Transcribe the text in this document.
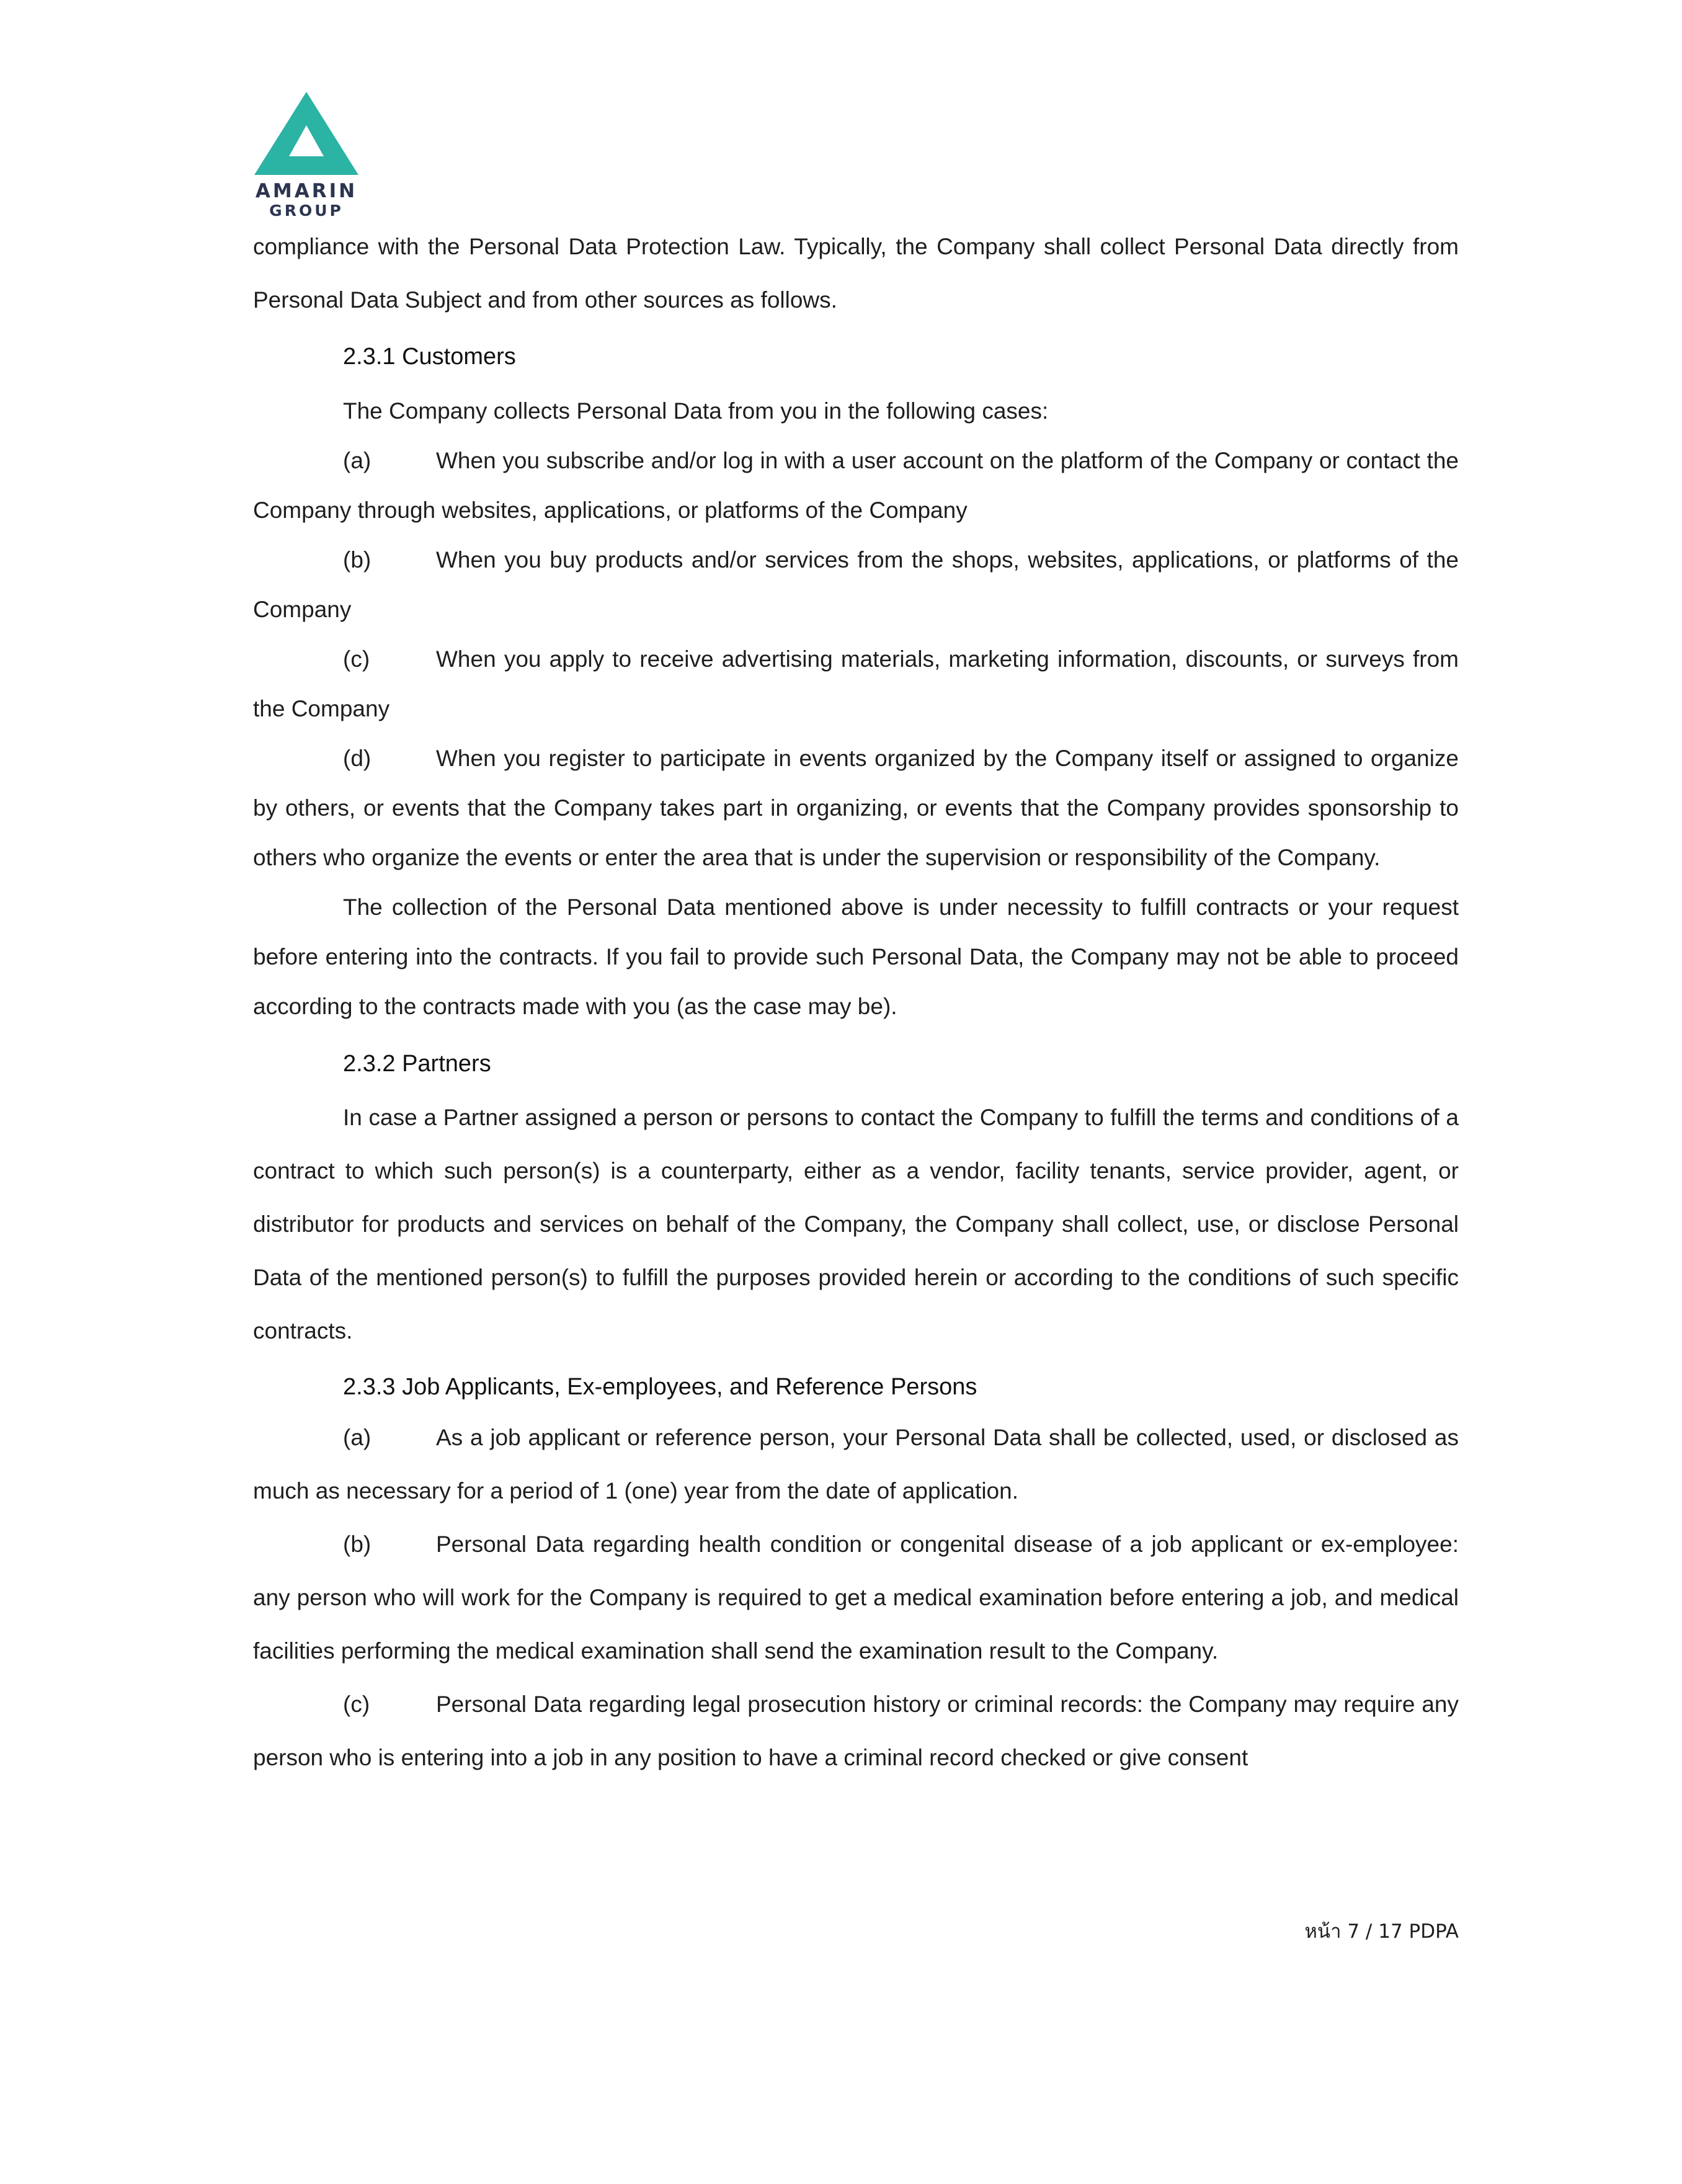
AMARIN
GROUP

compliance with the Personal Data Protection Law. Typically, the Company shall collect Personal Data directly from Personal Data Subject and from other sources as follows.

2.3.1 Customers

The Company collects Personal Data from you in the following cases:

(a)	When you subscribe and/or log in with a user account on the platform of the Company or contact the Company through websites, applications, or platforms of the Company

(b)	When you buy products and/or services from the shops, websites, applications, or platforms of the Company

(c)	When you apply to receive advertising materials, marketing information, discounts, or surveys from the Company

(d)	When you register to participate in events organized by the Company itself or assigned to organize by others, or events that the Company takes part in organizing, or events that the Company provides sponsorship to others who organize the events or enter the area that is under the supervision or responsibility of the Company.

The collection of the Personal Data mentioned above is under necessity to fulfill contracts or your request before entering into the contracts. If you fail to provide such Personal Data, the Company may not be able to proceed according to the contracts made with you (as the case may be).

2.3.2 Partners

In case a Partner assigned a person or persons to contact the Company to fulfill the terms and conditions of a contract to which such person(s) is a counterparty, either as a vendor, facility tenants, service provider, agent, or distributor for products and services on behalf of the Company, the Company shall collect, use, or disclose Personal Data of the mentioned person(s) to fulfill the purposes provided herein or according to the conditions of such specific contracts.

2.3.3 Job Applicants, Ex-employees, and Reference Persons

(a)	As a job applicant or reference person, your Personal Data shall be collected, used, or disclosed as much as necessary for a period of 1 (one) year from the date of application.

(b)	Personal Data regarding health condition or congenital disease of a job applicant or ex-employee: any person who will work for the Company is required to get a medical examination before entering a job, and medical facilities performing the medical examination shall send the examination result to the Company.

(c)	Personal Data regarding legal prosecution history or criminal records: the Company may require any person who is entering into a job in any position to have a criminal record checked or give consent

หน้า 7 / 17 PDPA
